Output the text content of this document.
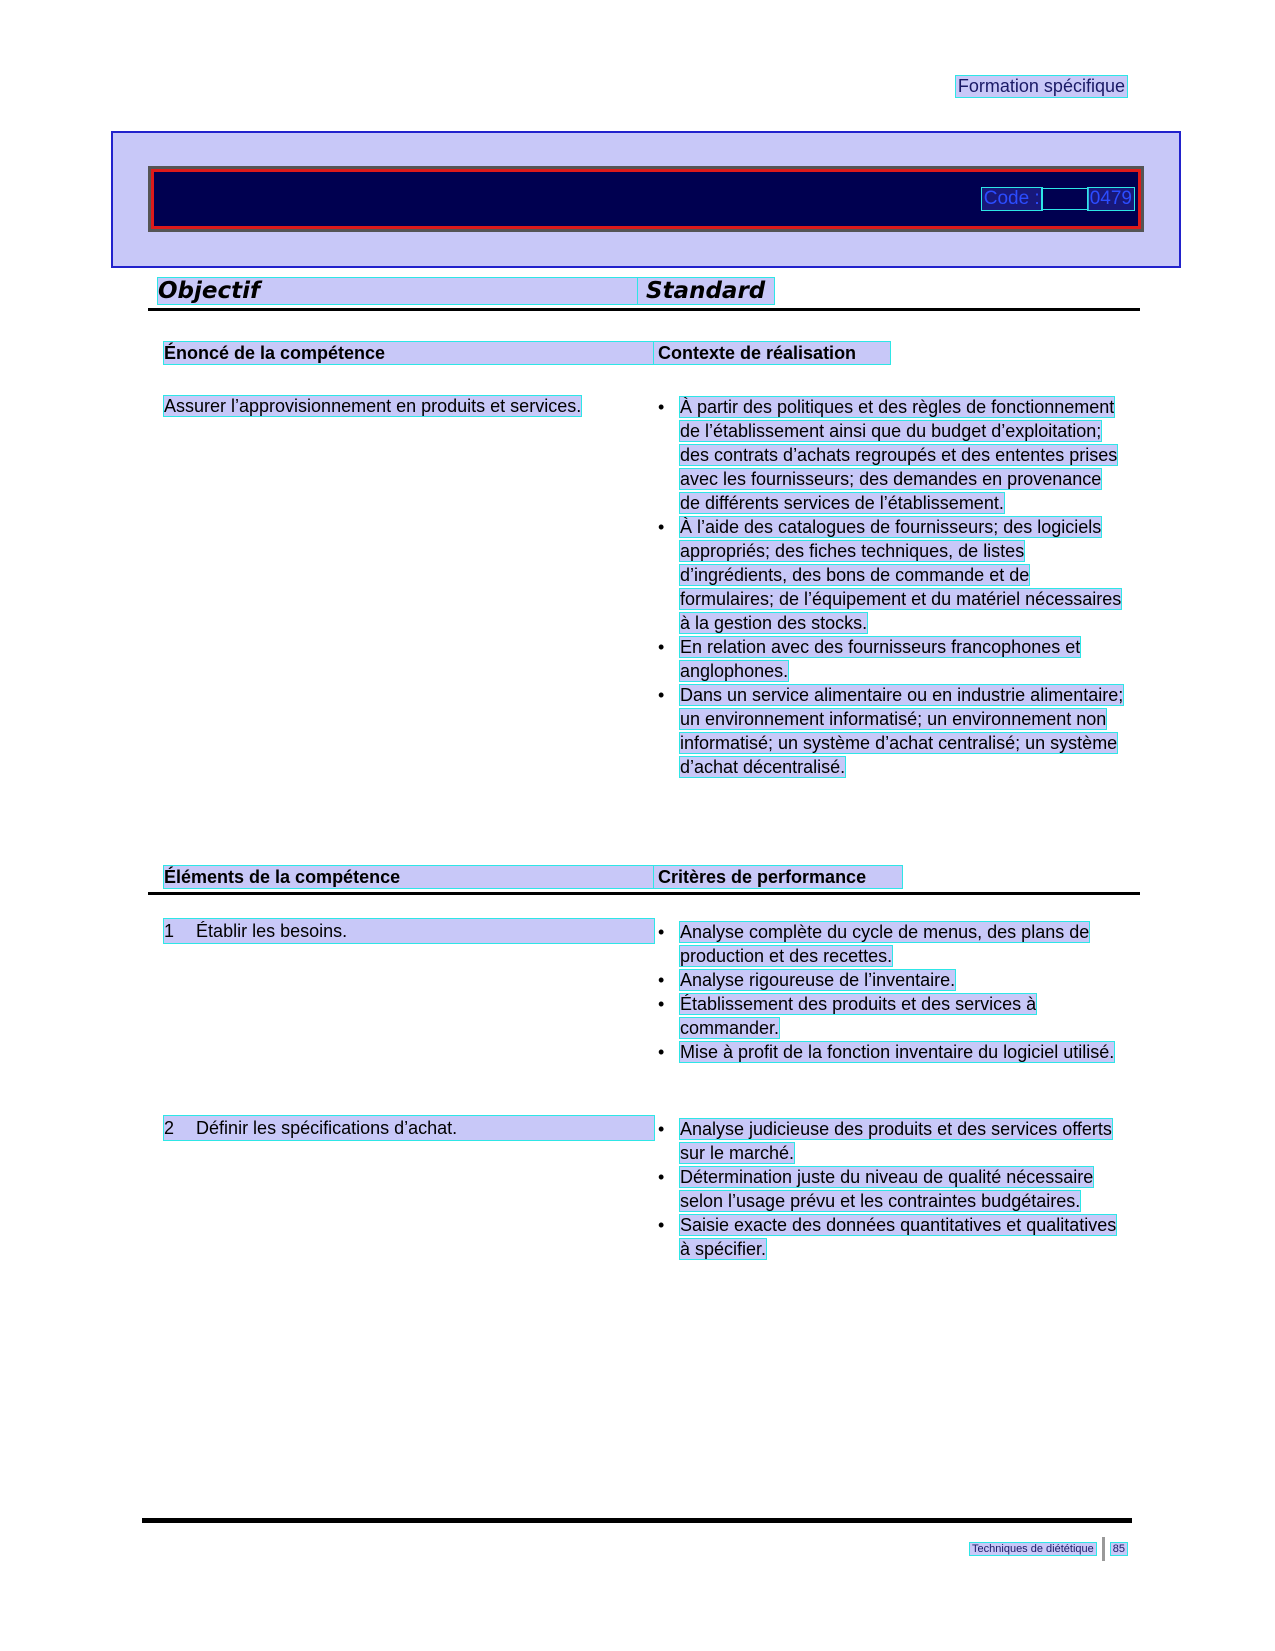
Formation spécifique
Code :	0479
Objectif	Standard
Énoncé de la compétence	Contexte de réalisation
Assurer l’approvisionnement en produits et services.	• À partir des politiques et des règles de fonctionnement de l’établissement ainsi que du budget d’exploitation; des contrats d’achats regroupés et des ententes prises avec les fournisseurs; des demandes en provenance de différents services de l’établissement.
• À l’aide des catalogues de fournisseurs; des logiciels appropriés; des fiches techniques, de listes d’ingrédients, des bons de commande et de formulaires; de l’équipement et du matériel nécessaires à la gestion des stocks.
• En relation avec des fournisseurs francophones et anglophones.
• Dans un service alimentaire ou en industrie alimentaire; un environnement informatisé; un environnement non informatisé; un système d’achat centralisé; un système d’achat décentralisé.
Éléments de la compétence	Critères de performance
1 Établir les besoins.	• Analyse complète du cycle de menus, des plans de production et des recettes.
• Analyse rigoureuse de l’inventaire.
• Établissement des produits et des services à commander.
• Mise à profit de la fonction inventaire du logiciel utilisé.
2 Définir les spécifications d’achat.	• Analyse judicieuse des produits et des services offerts sur le marché.
• Détermination juste du niveau de qualité nécessaire selon l’usage prévu et les contraintes budgétaires.
• Saisie exacte des données quantitatives et qualitatives à spécifier.
Techniques de diététique 85
